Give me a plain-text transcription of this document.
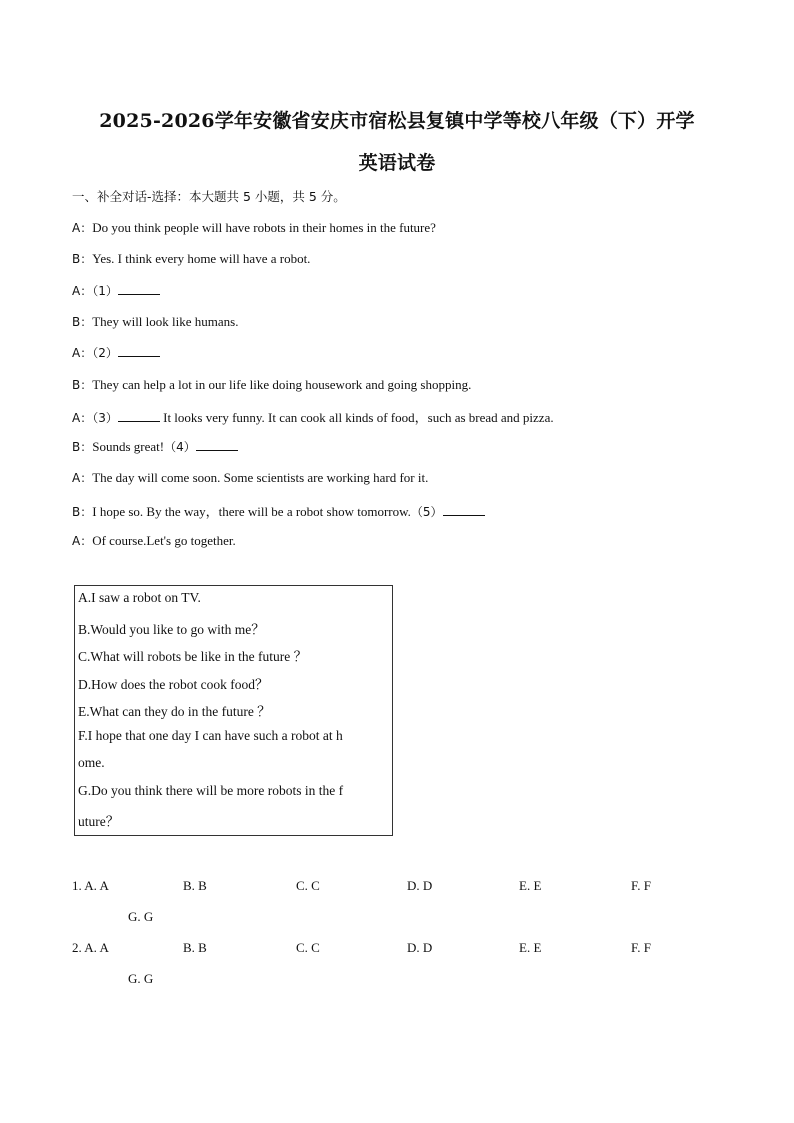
2025-2026学年安徽省安庆市宿松县复镇中学等校八年级（下）开学
英语试卷
一、补全对话-选择：本大题共 5 小题，共 5 分。
A：Do you think people will have robots in their homes in the future?
B：Yes. I think every home will have a robot.
A：（1）
B：They will look like humans.
A：（2）
B：They can help a lot in our life like doing housework and going shopping.
A：（3）	It looks very funny. It can cook all kinds of food，such as bread and pizza.
B：Sounds great!（4）
A：The day will come soon. Some scientists are working hard for it.
B：I hope so. By the way，there will be a robot show tomorrow.（5）
A：Of course.Let's go together.
A.I saw a robot on TV.
B.Would you like to go with me？
C.What will robots be like in the future ？
D.How does the robot cook food？
E.What can they do in the future ？
F.I hope that one day I can have such a robot at h
ome.
G.Do you think there will be more robots in the f
uture？
1. A. A	B. B	C. C	D. D	E. E	F. F
G. G
2. A. A	B. B	C. C	D. D	E. E	F. F
G. G
